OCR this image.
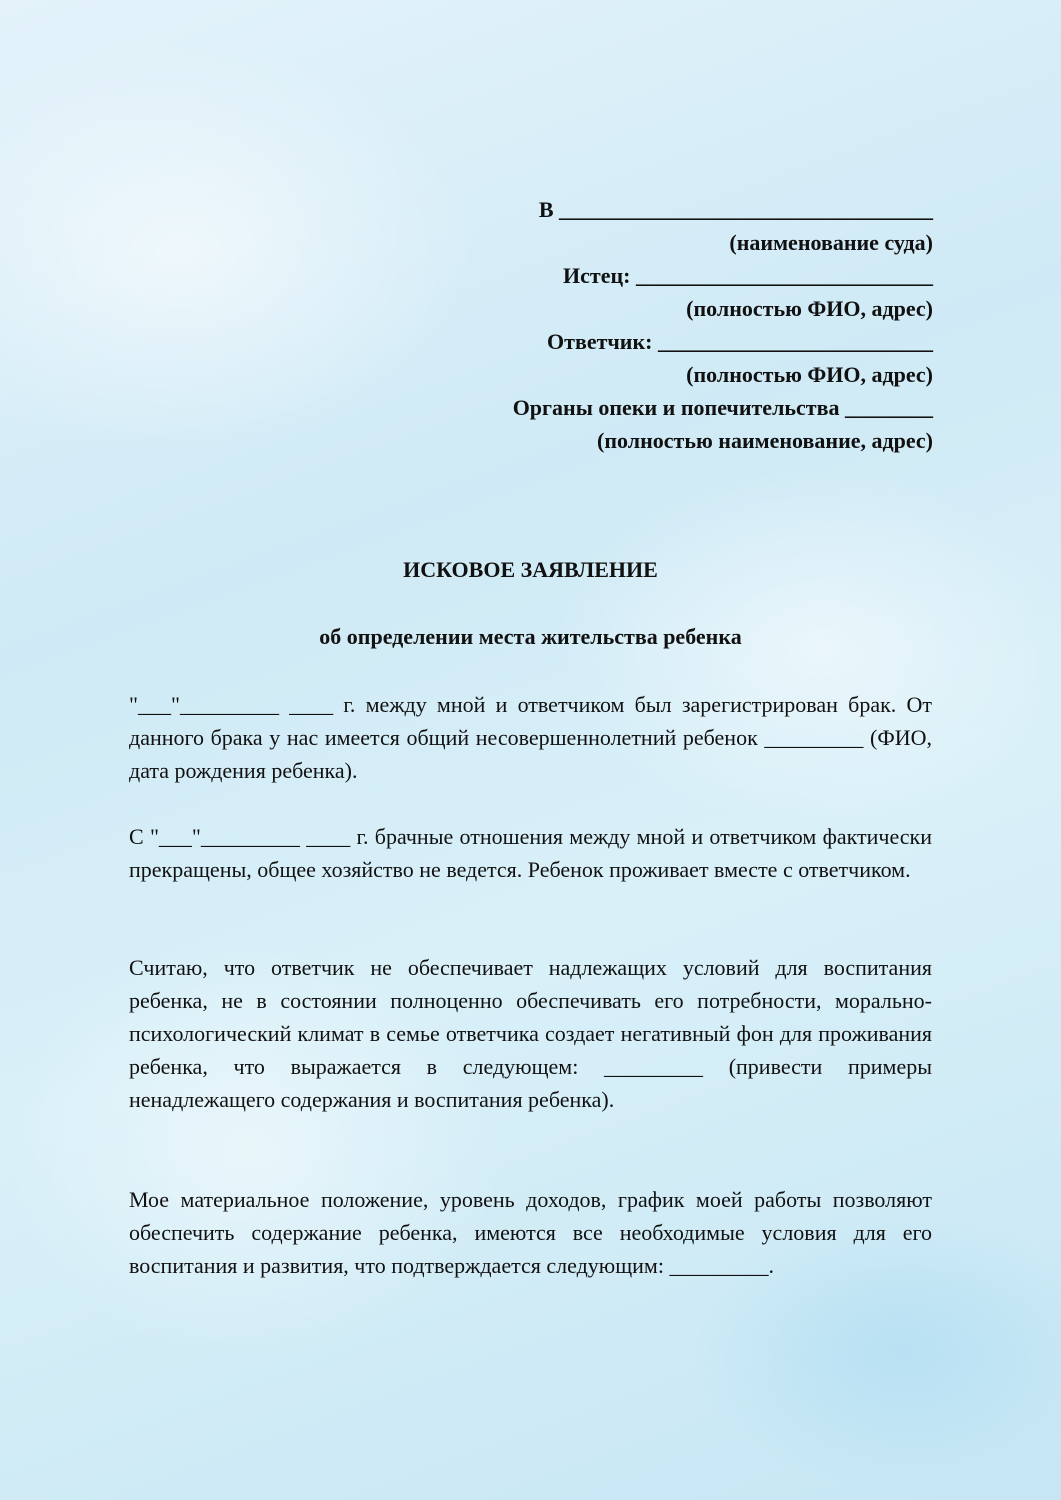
В __________________________________
(наименование суда)
Истец: ___________________________
(полностью ФИО, адрес)
Ответчик: _________________________
(полностью ФИО, адрес)
Органы опеки и попечительства ________
(полностью наименование, адрес)
ИСКОВОЕ ЗАЯВЛЕНИЕ
об определении места жительства ребенка
"___"_________ ____ г. между мной и ответчиком был зарегистрирован брак. От данного брака у нас имеется общий несовершеннолетний ребенок _________ (ФИО, дата рождения ребенка).
С "___"_________ ____ г. брачные отношения между мной и ответчиком фактически прекращены, общее хозяйство не ведется. Ребенок проживает вместе с ответчиком.
Считаю, что ответчик не обеспечивает надлежащих условий для воспитания ребенка, не в состоянии полноценно обеспечивать его потребности, морально-психологический климат в семье ответчика создает негативный фон для проживания ребенка, что выражается в следующем: _________ (привести примеры ненадлежащего содержания и воспитания ребенка).
Мое материальное положение, уровень доходов, график моей работы позволяют обеспечить содержание ребенка, имеются все необходимые условия для его воспитания и развития, что подтверждается следующим: _________.
